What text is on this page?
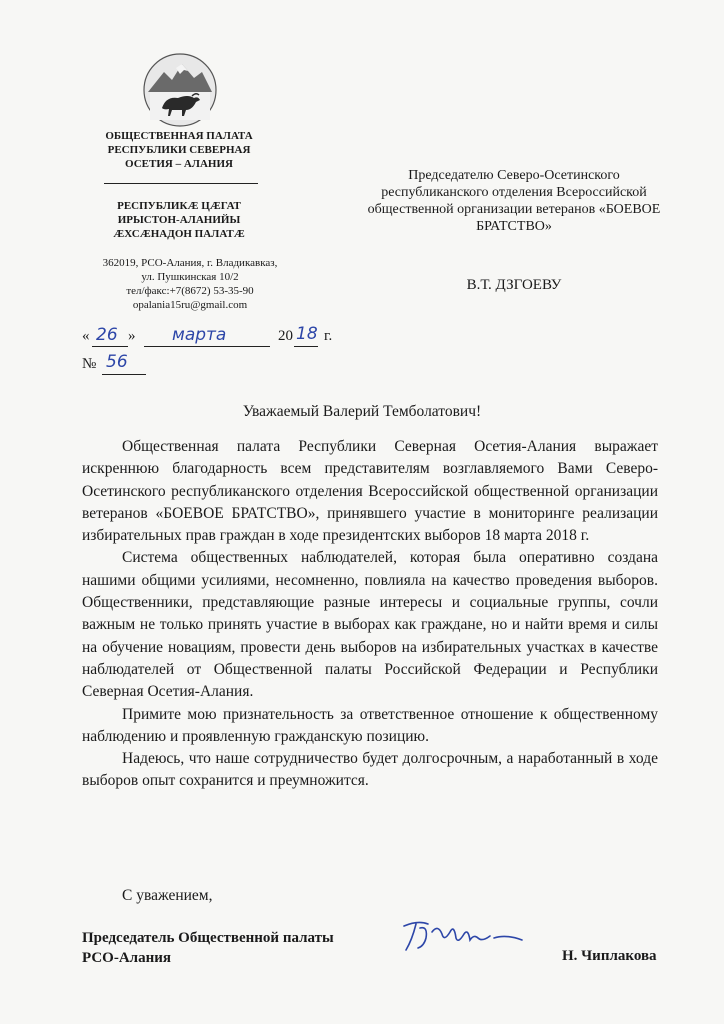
ОБЩЕСТВЕННАЯ ПАЛАТА
РЕСПУБЛИКИ СЕВЕРНАЯ
ОСЕТИЯ – АЛАНИЯ
РЕСПУБЛИКӔ ЦӔГАТ
ИРЫСТОН-АЛАНИЙЫ
ӔХСӔНАДОН ПАЛАТӔ
362019, РСО-Алания, г. Владикавказ,
ул. Пушкинская 10/2
тел/факс:+7(8672) 53-35-90
opalania15ru@gmail.com
Председателю Северо-Осетинского
республиканского отделения Всероссийской
общественной организации ветеранов «БОЕВОЕ
БРАТСТВО»
В.Т. ДЗГОЕВУ
« 26 » марта	20 18 г.
№ 56
Уважаемый Валерий Темболатович!

Общественная палата Республики Северная Осетия-Алания выражает искреннюю благодарность всем представителям возглавляемого Вами Северо-Осетинского республиканского отделения Всероссийской общественной организации ветеранов «БОЕВОЕ БРАТСТВО», принявшего участие в мониторинге реализации избирательных прав граждан в ходе президентских выборов 18 марта 2018 г.

Система общественных наблюдателей, которая была оперативно создана нашими общими усилиями, несомненно, повлияла на качество проведения выборов. Общественники, представляющие разные интересы и социальные группы, сочли важным не только принять участие в выборах как граждане, но и найти время и силы на обучение новациям, провести день выборов на избирательных участках в качестве наблюдателей от Общественной палаты Российской Федерации и Республики Северная Осетия-Алания.

Примите мою признательность за ответственное отношение к общественному наблюдению и проявленную гражданскую позицию.

Надеюсь, что наше сотрудничество будет долгосрочным, а наработанный в ходе выборов опыт сохранится и преумножится.

С уважением,
Председатель Общественной палаты
РСО-Алания	Н. Чиплакова
